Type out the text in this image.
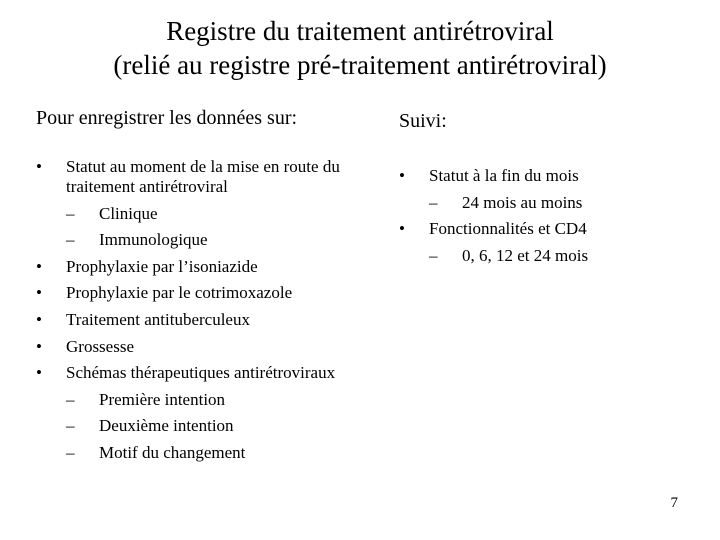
Registre du traitement antirétroviral
(relié au registre pré-traitement antirétroviral)
Pour enregistrer les données sur:	Suivi:
• Statut au moment de la mise en route du traitement antirétroviral
– Clinique
– Immunologique
• Prophylaxie par l’isoniazide
• Prophylaxie par le cotrimoxazole
• Traitement antituberculeux
• Grossesse
• Schémas thérapeutiques antirétroviraux
– Première intention
– Deuxième intention
– Motif du changement
• Statut à la fin du mois
– 24 mois au moins
• Fonctionnalités et CD4
– 0, 6, 12 et 24 mois
7
